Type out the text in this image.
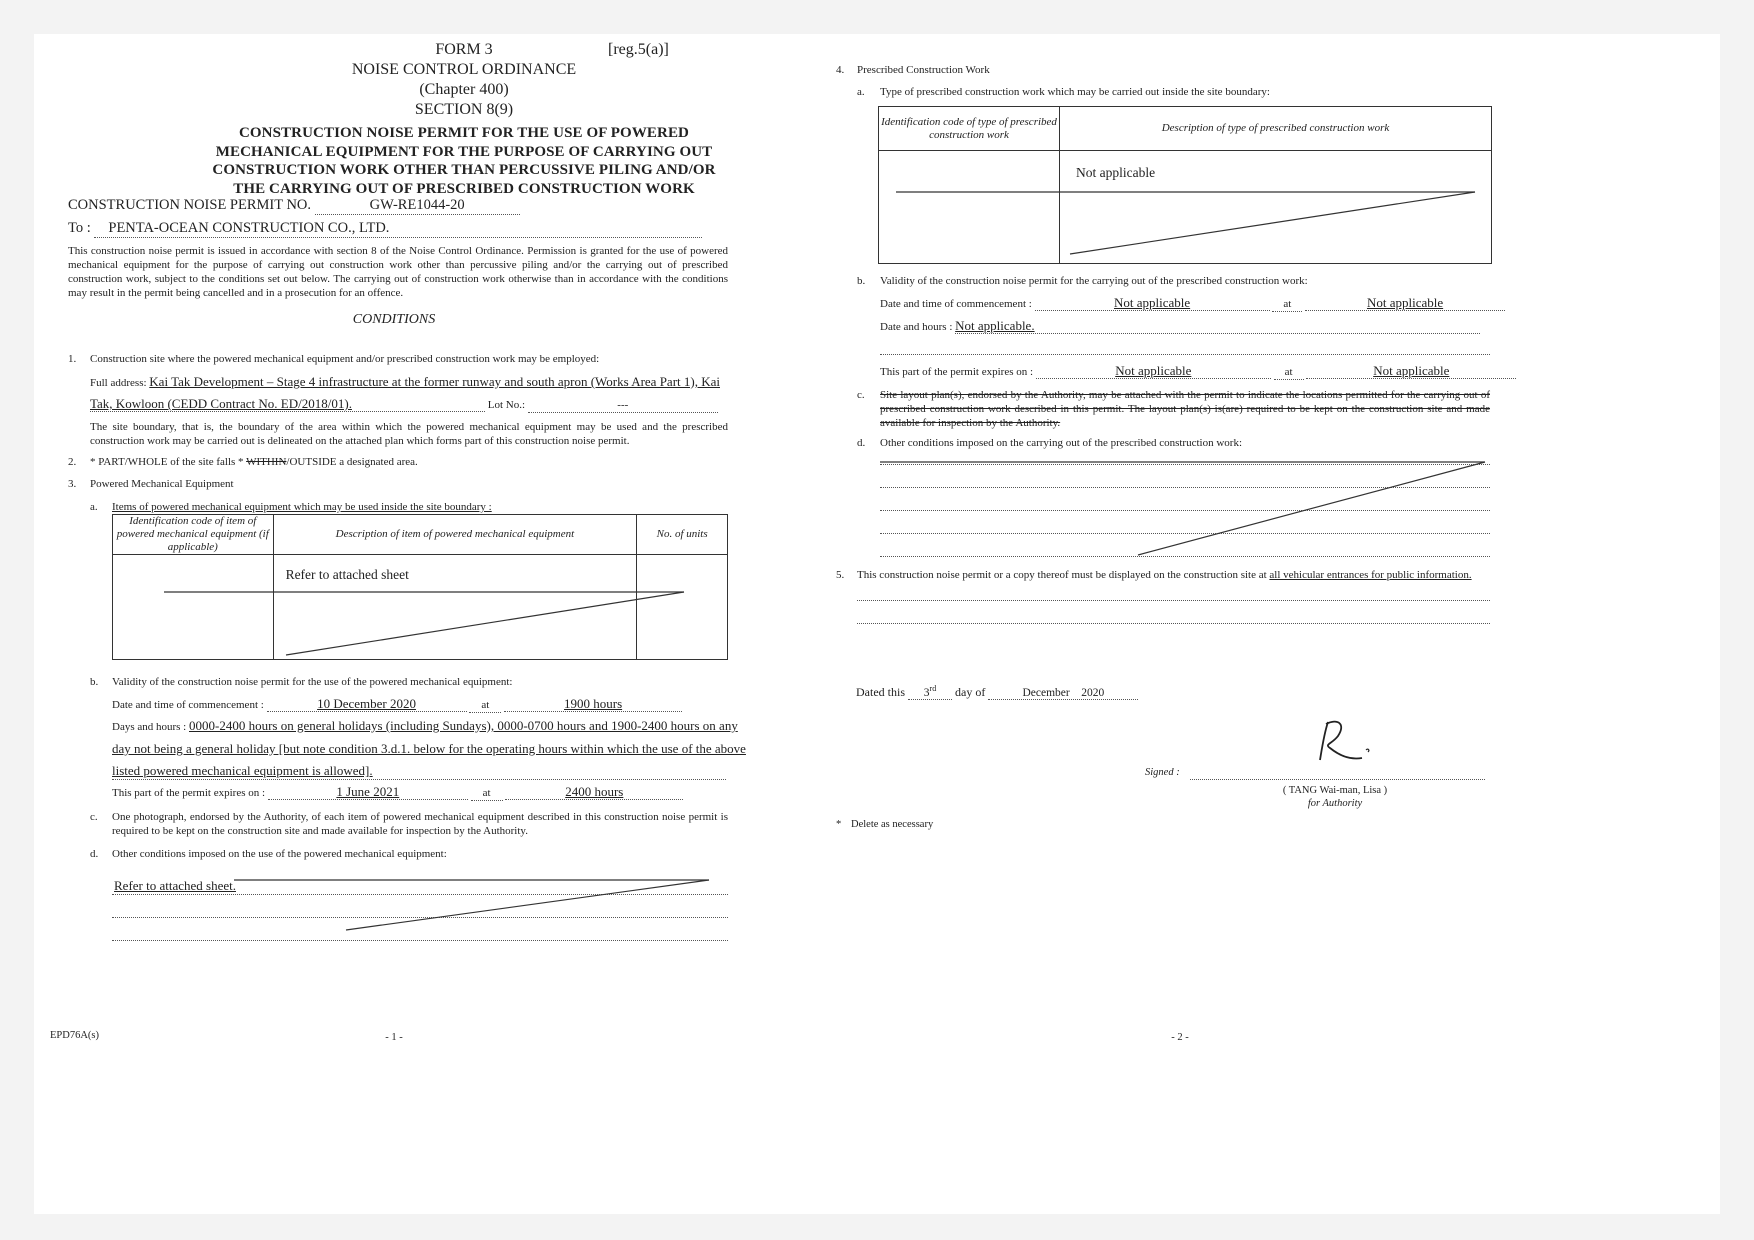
FORM 3	[reg.5(a)]
NOISE CONTROL ORDINANCE
(Chapter 400)
SECTION 8(9)
CONSTRUCTION NOISE PERMIT FOR THE USE OF POWERED
MECHANICAL EQUIPMENT FOR THE PURPOSE OF CARRYING OUT
CONSTRUCTION WORK OTHER THAN PERCUSSIVE PILING AND/OR
THE CARRYING OUT OF PRESCRIBED CONSTRUCTION WORK
CONSTRUCTION NOISE PERMIT NO.	GW-RE1044-20
To : PENTA-OCEAN CONSTRUCTION CO., LTD.
This construction noise permit is issued in accordance with section 8 of the Noise Control Ordinance. Permission is granted for the use of powered mechanical equipment for the purpose of carrying out construction work other than percussive piling and/or the carrying out of prescribed construction work, subject to the conditions set out below. The carrying out of construction work otherwise than in accordance with the conditions may result in the permit being cancelled and in a prosecution for an offence.
CONDITIONS
1. Construction site where the powered mechanical equipment and/or prescribed construction work may be employed:
Full address: Kai Tak Development – Stage 4 infrastructure at the former runway and south apron (Works Area Part 1), Kai
Tak, Kowloon (CEDD Contract No. ED/2018/01).	Lot No.:	---
The site boundary, that is, the boundary of the area within which the powered mechanical equipment may be used and the prescribed construction work may be carried out is delineated on the attached plan which forms part of this construction noise permit.
2. * PART/WHOLE of the site falls * WITHIN/OUTSIDE a designated area.
3. Powered Mechanical Equipment
a. Items of powered mechanical equipment which may be used inside the site boundary :
Identification code of item of powered mechanical equipment (if applicable)	Description of item of powered mechanical equipment	No. of units
	Refer to attached sheet	
b. Validity of the construction noise permit for the use of the powered mechanical equipment:
Date and time of commencement :	10 December 2020	at	1900 hours
Days and hours : 0000-2400 hours on general holidays (including Sundays), 0000-0700 hours and 1900-2400 hours on any
day not being a general holiday [but note condition 3.d.1. below for the operating hours within which the use of the above
listed powered mechanical equipment is allowed].
This part of the permit expires on :	1 June 2021	at	2400 hours
c. One photograph, endorsed by the Authority, of each item of powered mechanical equipment described in this construction noise permit is required to be kept on the construction site and made available for inspection by the Authority.
d. Other conditions imposed on the use of the powered mechanical equipment:
Refer to attached sheet.
EPD76A(s)	- 1 -
4. Prescribed Construction Work
a. Type of prescribed construction work which may be carried out inside the site boundary:
Identification code of type of prescribed construction work	Description of type of prescribed construction work
	Not applicable
b. Validity of the construction noise permit for the carrying out of the prescribed construction work:
Date and time of commencement :	Not applicable	at	Not applicable
Date and hours : Not applicable.
This part of the permit expires on :	Not applicable	at	Not applicable
c. Site layout plan(s), endorsed by the Authority, may be attached with the permit to indicate the locations permitted for the carrying out of prescribed construction work described in this permit. The layout plan(s) is(are) required to be kept on the construction site and made available for inspection by the Authority.
d. Other conditions imposed on the carrying out of the prescribed construction work:
5. This construction noise permit or a copy thereof must be displayed on the construction site at all vehicular entrances for public information.
Dated this 3rd day of	December 2020
Signed :
( TANG Wai-man, Lisa )
for Authority
* Delete as necessary
- 2 -
